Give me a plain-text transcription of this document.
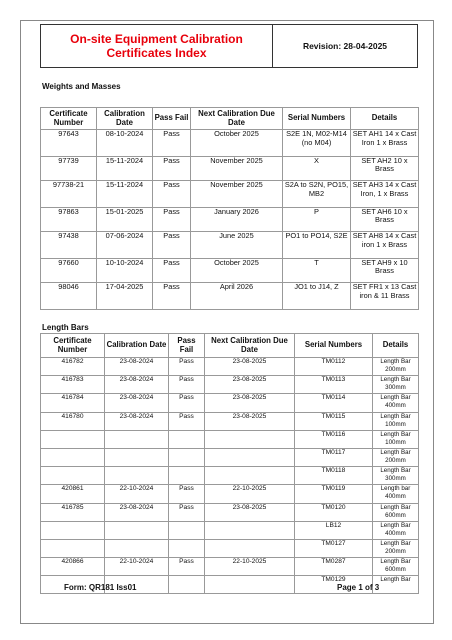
On-site Equipment Calibration
Certificates Index	Revision: 28-04-2025
Weights and Masses
Certificate Number	Calibration Date	Pass Fail	Next Calibration Due Date	Serial Numbers	Details
97643	08-10-2024	Pass	October 2025	S2E 1N, M02-M14 (no M04)	SET AH1 14 x Cast Iron 1 x Brass
97739	15-11-2024	Pass	November 2025	X	SET AH2 10 x Brass
97738-21	15-11-2024	Pass	November 2025	S2A to S2N, PO15, MB2	SET AH3 14 x Cast Iron, 1 x Brass
97863	15-01-2025	Pass	January 2026	P	SET AH6 10 x Brass
97438	07-06-2024	Pass	June 2025	PO1 to PO14, S2E	SET AH8 14 x Cast iron 1 x Brass
97660	10-10-2024	Pass	October 2025	T	SET AH9 x 10 Brass
98046	17-04-2025	Pass	April 2026	JO1 to J14, Z	SET FR1 x 13 Cast iron & 11 Brass
Length Bars
Certificate Number	Calibration Date	Pass Fail	Next Calibration Due Date	Serial Numbers	Details
416782	23-08-2024	Pass	23-08-2025	TM0112	Length Bar 200mm
416783	23-08-2024	Pass	23-08-2025	TM0113	Length Bar 300mm
416784	23-08-2024	Pass	23-08-2025	TM0114	Length Bar 400mm
416780	23-08-2024	Pass	23-08-2025	TM0115	Length Bar 100mm
				TM0116	Length Bar 100mm
				TM0117	Length Bar 200mm
				TM0118	Length Bar 300mm
420861	22-10-2024	Pass	22-10-2025	TM0119	Length bar 400mm
416785	23-08-2024	Pass	23-08-2025	TM0120	Length Bar 600mm
				LB12	Length Bar 400mm
				TM0127	Length Bar 200mm
420866	22-10-2024	Pass	22-10-2025	TM0287	Length Bar 600mm
				TM0129	Length Bar
Form: QR181 Iss01	Page 1 of 3
